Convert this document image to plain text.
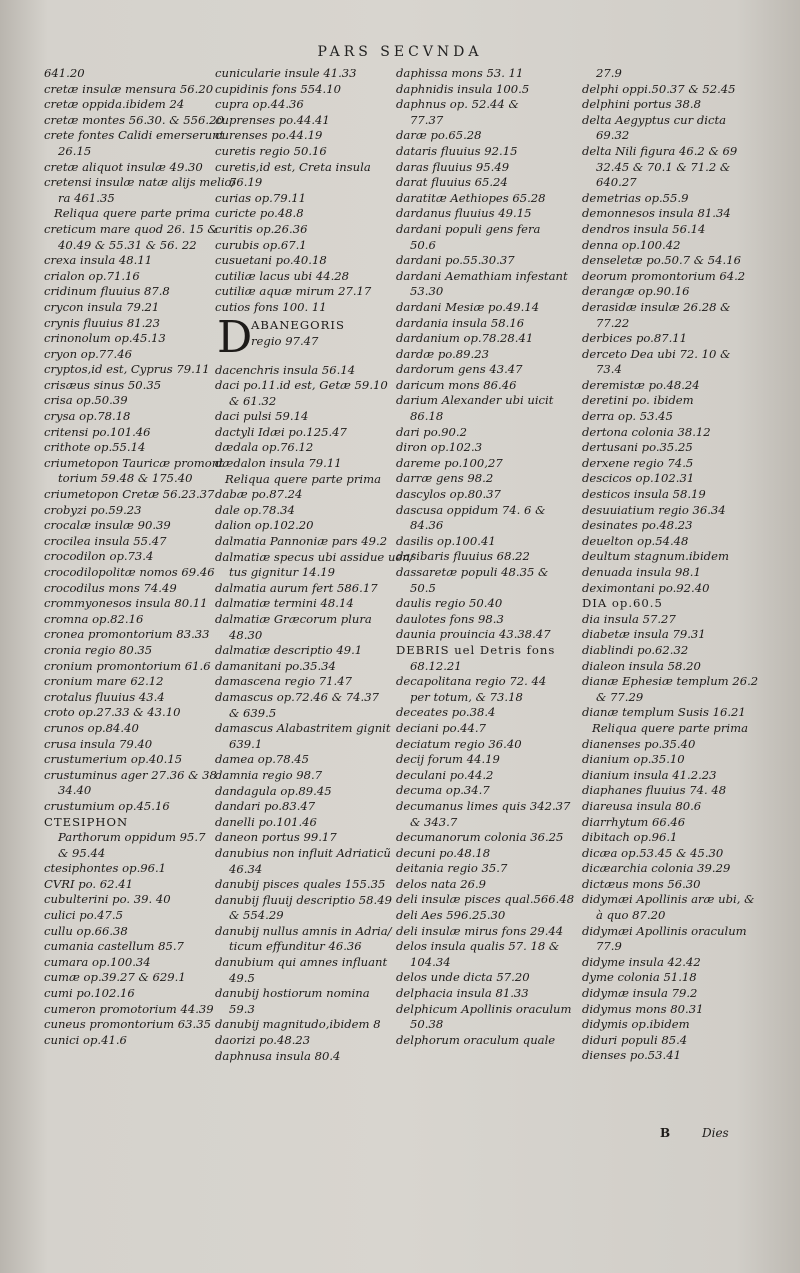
PARS SECVNDA
641.20
cretæ insulæ mensura 56.20
cretæ oppida.ibidem 24
cretæ montes 56.30. & 556.20
crete fontes Calidi emerserunt
26.15
cretæ aliquot insulæ 49.30
cretensi insulæ natæ alijs melio/
ra 461.35
Reliqua quere parte prima
creticum mare quod 26. 15 &
40.49 & 55.31 & 56. 22
crexa insula 48.11
crialon op.71.16
cridinum fluuius 87.8
crycon insula 79.21
crynis fluuius 81.23
crinonolum op.45.13
cryon op.77.46
cryptos,id est, Cyprus 79.11
crisæus sinus 50.35
crisa op.50.39
crysa op.78.18
critensi po.101.46
crithote op.55.14
criumetopon Tauricæ promont
torium 59.48 & 175.40
criumetopon Cretæ 56.23.37
crobyzi po.59.23
crocalæ insulæ 90.39
crocilea insula 55.47
crocodilon op.73.4
crocodilopolitæ nomos 69.46
crocodilus mons 74.49
crommyonesos insula 80.11
cromna op.82.16
cronea promontorium 83.33
cronia regio 80.35
cronium promontorium 61.6
cronium mare 62.12
crotalus fluuius 43.4
croto op.27.33 & 43.10
crunos op.84.40
crusa insula 79.40
crustumerium op.40.15
crustuminus ager 27.36 & 38
34.40
crustumium op.45.16
CTESIPHON
Parthorum oppidum 95.7
& 95.44
ctesiphontes op.96.1
CVRI po. 62.41
cubulterini po. 39. 40
culici po.47.5
cullu op.66.38
cumania castellum 85.7
cumara op.100.34
cumæ op.39.27 & 629.1
cumi po.102.16
cumeron promotorium 44.39
cuneus promontorium 63.35
cunici op.41.6
cunicularie insule 41.33
cupidinis fons 554.10
cupra op.44.36
cuprenses po.44.41
curenses po.44.19
curetis regio 50.16
curetis,id est, Creta insula
56.19
curias op.79.11
curicte po.48.8
curitis op.26.36
curubis op.67.1
cusuetani po.40.18
cutiliæ lacus ubi 44.28
cutiliæ aquæ mirum 27.17
cutios fons 100. 11
D
ABANEGORIS
regio 97.47
dacenchris insula 56.14
daci po.11.id est, Getæ 59.10
& 61.32
daci pulsi 59.14
dactyli Idæi po.125.47
dædala op.76.12
dædalon insula 79.11
Reliqua quere parte prima
dabæ po.87.24
dale op.78.34
dalion op.102.20
dalmatia Pannoniæ pars 49.2
dalmatiæ specus ubi assidue uen/
tus gignitur 14.19
dalmatia aurum fert 586.17
dalmatiæ termini 48.14
dalmatiæ Græcorum plura
48.30
dalmatiæ descriptio 49.1
damanitani po.35.34
damascena regio 71.47
damascus op.72.46 & 74.37
& 639.5
damascus Alabastritem gignit
639.1
damea op.78.45
damnia regio 98.7
dandagula op.89.45
dandari po.83.47
danelli po.101.46
daneon portus 99.17
danubius non influit Adriaticũ
46.34
danubij pisces quales 155.35
danubij fluuij descriptio 58.49
& 554.29
danubij nullus amnis in Adria/
ticum effunditur 46.36
danubium qui amnes influant
49.5
danubij hostiorum nomina
59.3
danubij magnitudo,ibidem 8
daorizi po.48.23
daphnusa insula 80.4
daphissa mons 53. 11
daphnidis insula 100.5
daphnus op. 52.44 &
77.37
daræ po.65.28
dataris fluuius 92.15
daras fluuius 95.49
darat fluuius 65.24
daratitæ Aethiopes 65.28
dardanus fluuius 49.15
dardani populi gens fera
50.6
dardani po.55.30.37
dardani Aemathiam infestant
53.30
dardani Mesiæ po.49.14
dardania insula 58.16
dardanium op.78.28.41
dardæ po.89.23
dardorum gens 43.47
daricum mons 86.46
darium Alexander ubi uicit
86.18
dari po.90.2
diron op.102.3
dareme po.100,27
darræ gens 98.2
dascylos op.80.37
dascusa oppidum 74. 6 &
84.36
dasilis op.100.41
dasibaris fluuius 68.22
dassaretæ populi 48.35 &
50.5
daulis regio 50.40
daulotes fons 98.3
daunia prouincia 43.38.47
DEBRIS uel Detris fons
68.12.21
decapolitana regio 72. 44
per totum, & 73.18
deceates po.38.4
deciani po.44.7
deciatum regio 36.40
decij forum 44.19
deculani po.44.2
decuma op.34.7
decumanus limes quis 342.37
& 343.7
decumanorum colonia 36.25
decuni po.48.18
deitania regio 35.7
delos nata 26.9
deli insulæ pisces qual.566.48
deli Aes 596.25.30
deli insulæ mirus fons 29.44
delos insula qualis 57. 18 &
104.34
delos unde dicta 57.20
delphacia insula 81.33
delphicum Apollinis oraculum
50.38
delphorum oraculum quale
27.9
delphi oppi.50.37 & 52.45
delphini portus 38.8
delta Aegyptus cur dicta
69.32
delta Nili figura 46.2 & 69
32.45 & 70.1 & 71.2 &
640.27
demetrias op.55.9
demonnesos insula 81.34
dendros insula 56.14
denna op.100.42
denseletæ po.50.7 & 54.16
deorum promontorium 64.2
derangæ op.90.16
derasidæ insulæ 26.28 &
77.22
derbices po.87.11
derceto Dea ubi 72. 10 &
73.4
deremistæ po.48.24
deretini po. ibidem
derra op. 53.45
dertona colonia 38.12
dertusani po.35.25
derxene regio 74.5
descicos op.102.31
desticos insula 58.19
desuuiatium regio 36.34
desinates po.48.23
deuelton op.54.48
deultum stagnum.ibidem
denuada insula 98.1
deximontani po.92.40
DIA op.60.5
dia insula 57.27
diabetæ insula 79.31
diablindi po.62.32
dialeon insula 58.20
dianæ Ephesiæ templum 26.2
& 77.29
dianæ templum Susis 16.21
Reliqua quere parte prima
dianenses po.35.40
dianium op.35.10
dianium insula 41.2.23
diaphanes fluuius 74. 48
diareusa insula 80.6
diarrhytum 66.46
dibitach op.96.1
dicæa op.53.45 & 45.30
dicæarchia colonia 39.29
dictæus mons 56.30
didymæi Apollinis aræ ubi, &
à quo 87.20
didymæi Apollinis oraculum
77.9
didyme insula 42.42
dyme colonia 51.18
didymæ insula 79.2
didymus mons 80.31
didymis op.ibidem
diduri populi 85.4
dienses po.53.41
B	Dies
